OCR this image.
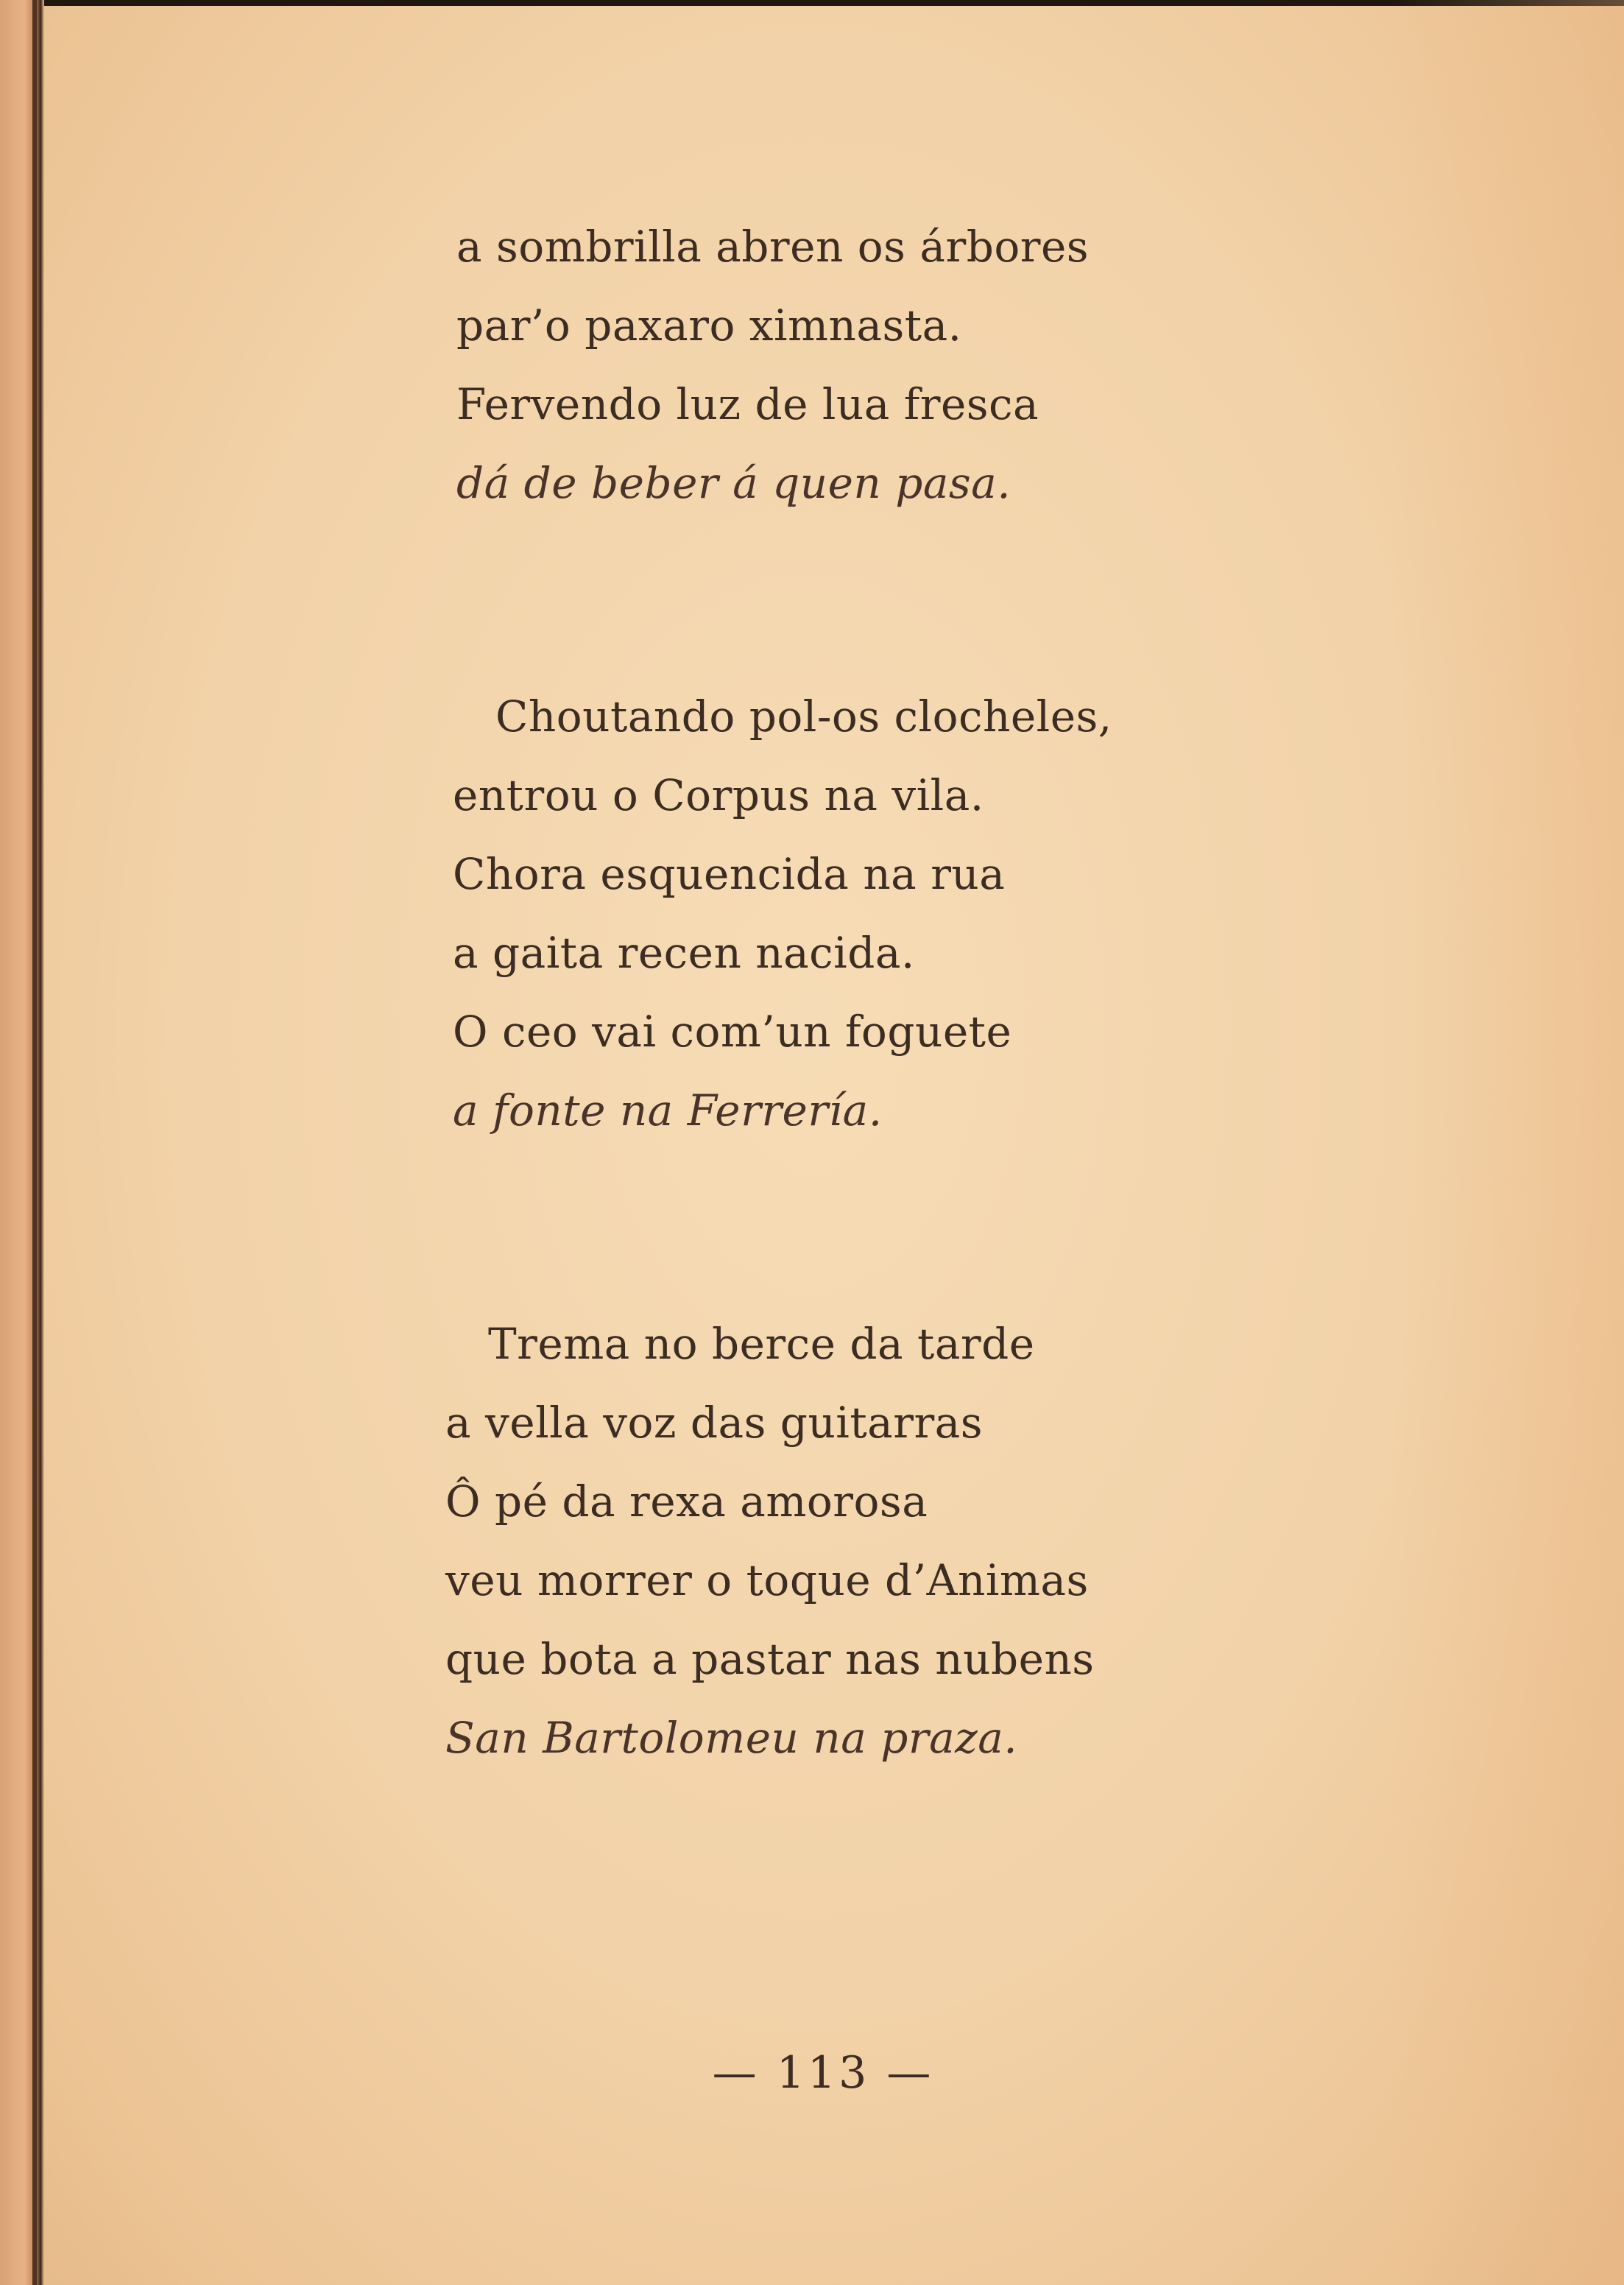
a sombrilla abren os árbores
par’o paxaro ximnasta.
Fervendo luz de lua fresca
dá de beber á quen pasa.
Choutando pol-os clocheles,
entrou o Corpus na vila.
Chora esquencida na rua
a gaita recen nacida.
O ceo vai com’un foguete
a fonte na Ferrería.
Trema no berce da tarde
a vella voz das guitarras
Ô pé da rexa amorosa
veu morrer o toque d’Animas
que bota a pastar nas nubens
San Bartolomeu na praza.
— 113 —
